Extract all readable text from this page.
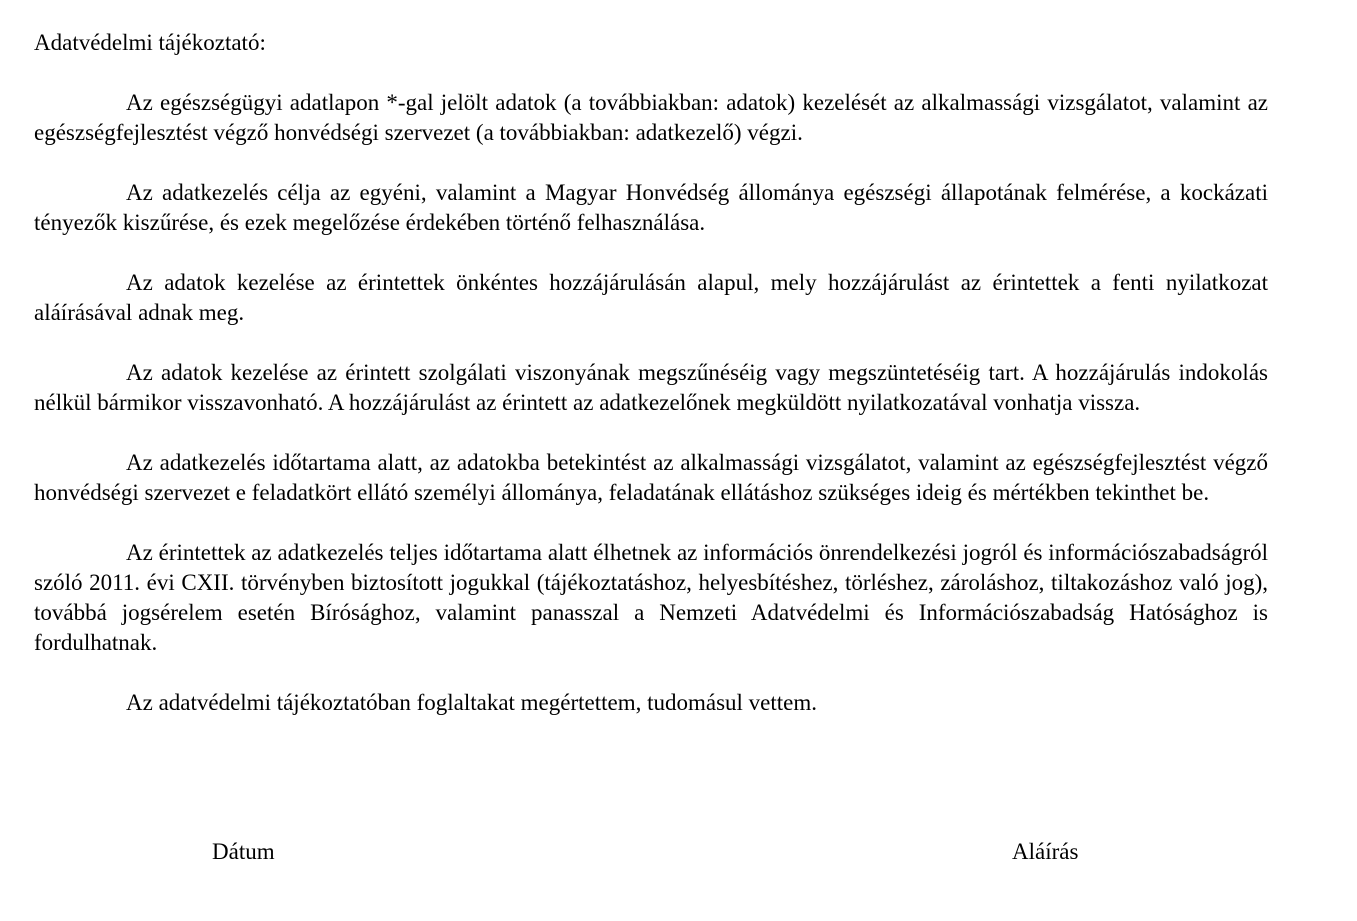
Adatvédelmi tájékoztató:

Az egészségügyi adatlapon *-gal jelölt adatok (a továbbiakban: adatok) kezelését az alkalmassági vizsgálatot, valamint az egészségfejlesztést végző honvédségi szervezet (a továbbiakban: adatkezelő) végzi.

Az adatkezelés célja az egyéni, valamint a Magyar Honvédség állománya egészségi állapotának felmérése, a kockázati tényezők kiszűrése, és ezek megelőzése érdekében történő felhasználása.

Az adatok kezelése az érintettek önkéntes hozzájárulásán alapul, mely hozzájárulást az érintettek a fenti nyilatkozat aláírásával adnak meg.

Az adatok kezelése az érintett szolgálati viszonyának megszűnéséig vagy megszüntetéséig tart. A hozzájárulás indokolás nélkül bármikor visszavonható. A hozzájárulást az érintett az adatkezelőnek megküldött nyilatkozatával vonhatja vissza.

Az adatkezelés időtartama alatt, az adatokba betekintést az alkalmassági vizsgálatot, valamint az egészségfejlesztést végző honvédségi szervezet e feladatkört ellátó személyi állománya, feladatának ellátáshoz szükséges ideig és mértékben tekinthet be.

Az érintettek az adatkezelés teljes időtartama alatt élhetnek az információs önrendelkezési jogról és információszabadságról szóló 2011. évi CXII. törvényben biztosított jogukkal (tájékoztatáshoz, helyesbítéshez, törléshez, zároláshoz, tiltakozáshoz való jog), továbbá jogsérelem esetén Bírósághoz, valamint panasszal a Nemzeti Adatvédelmi és Információszabadság Hatósághoz is fordulhatnak.

Az adatvédelmi tájékoztatóban foglaltakat megértettem, tudomásul vettem.

Dátum	Aláírás
